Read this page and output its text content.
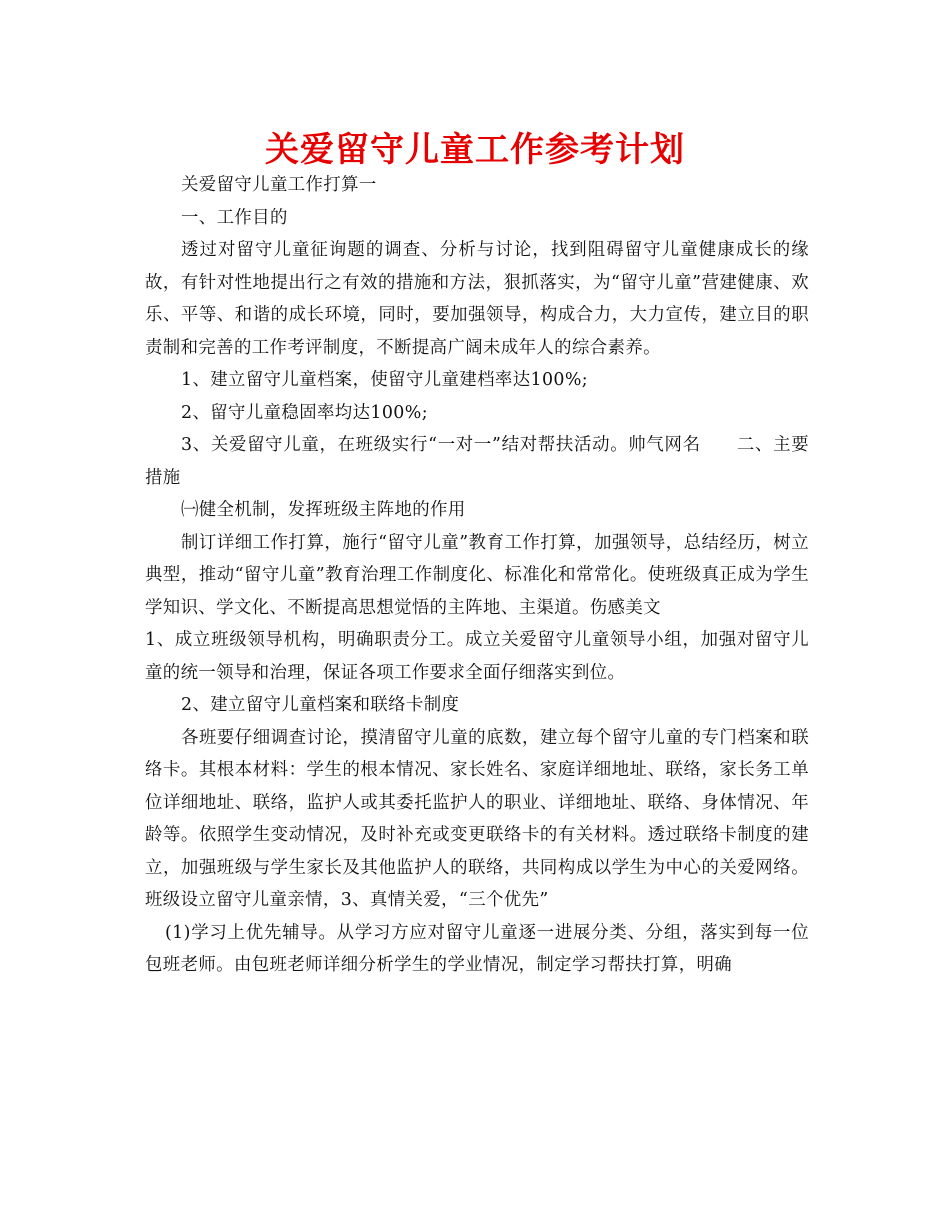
关爱留守儿童工作参考计划

关爱留守儿童工作打算一

一、工作目的

透过对留守儿童征询题的调查、分析与讨论，找到阻碍留守儿童健康成长的缘故，有针对性地提出行之有效的措施和方法，狠抓落实，为“留守儿童”营建健康、欢乐、平等、和谐的成长环境，同时，要加强领导，构成合力，大力宣传，建立目的职责制和完善的工作考评制度，不断提高广阔未成年人的综合素养。

1、建立留守儿童档案，使留守儿童建档率达100%;

2、留守儿童稳固率均达100%;

3、关爱留守儿童，在班级实行“一对一”结对帮扶活动。帅气网名　　二、主要措施

㈠健全机制，发挥班级主阵地的作用

制订详细工作打算，施行“留守儿童”教育工作打算，加强领导，总结经历，树立典型，推动“留守儿童”教育治理工作制度化、标准化和常常化。使班级真正成为学生学知识、学文化、不断提高思想觉悟的主阵地、主渠道。伤感美文

1、成立班级领导机构，明确职责分工。成立关爱留守儿童领导小组，加强对留守儿童的统一领导和治理，保证各项工作要求全面仔细落实到位。

2、建立留守儿童档案和联络卡制度

各班要仔细调查讨论，摸清留守儿童的底数，建立每个留守儿童的专门档案和联络卡。其根本材料：学生的根本情况、家长姓名、家庭详细地址、联络，家长务工单位详细地址、联络，监护人或其委托监护人的职业、详细地址、联络、身体情况、年龄等。依照学生变动情况，及时补充或变更联络卡的有关材料。透过联络卡制度的建立，加强班级与学生家长及其他监护人的联络，共同构成以学生为中心的关爱网络。班级设立留守儿童亲情，3、真情关爱，“三个优先”

(1)学习上优先辅导。从学习方应对留守儿童逐一进展分类、分组，落实到每一位包班老师。由包班老师详细分析学生的学业情况，制定学习帮扶打算，明确
